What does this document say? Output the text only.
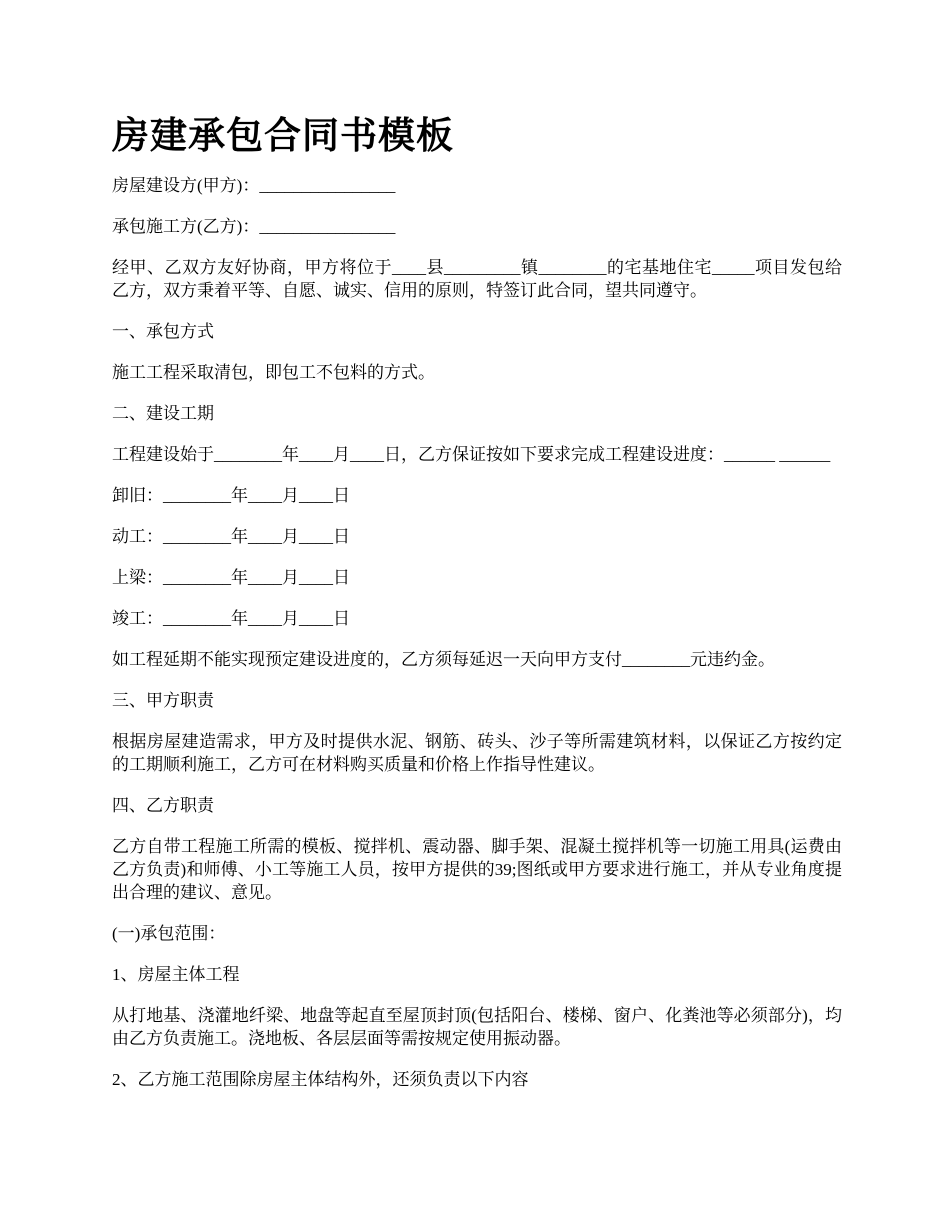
房建承包合同书模板

房屋建设方(甲方)：________________

承包施工方(乙方)：________________

经甲、乙双方友好协商，甲方将位于____县_________镇________的宅基地住宅_____项目发包给乙方，双方秉着平等、自愿、诚实、信用的原则，特签订此合同，望共同遵守。

一、承包方式

施工工程采取清包，即包工不包料的方式。

二、建设工期

工程建设始于________年____月____日，乙方保证按如下要求完成工程建设进度：______ ______

卸旧：________年____月____日

动工：________年____月____日

上梁：________年____月____日

竣工：________年____月____日

如工程延期不能实现预定建设进度的，乙方须每延迟一天向甲方支付________元违约金。

三、甲方职责

根据房屋建造需求，甲方及时提供水泥、钢筋、砖头、沙子等所需建筑材料，以保证乙方按约定的工期顺利施工，乙方可在材料购买质量和价格上作指导性建议。

四、乙方职责

乙方自带工程施工所需的模板、搅拌机、震动器、脚手架、混凝土搅拌机等一切施工用具(运费由乙方负责)和师傅、小工等施工人员，按甲方提供的39;图纸或甲方要求进行施工，并从专业角度提出合理的建议、意见。

(一)承包范围：

1、房屋主体工程

从打地基、浇灌地纤梁、地盘等起直至屋顶封顶(包括阳台、楼梯、窗户、化粪池等必须部分)，均由乙方负责施工。浇地板、各层层面等需按规定使用振动器。

2、乙方施工范围除房屋主体结构外，还须负责以下内容
